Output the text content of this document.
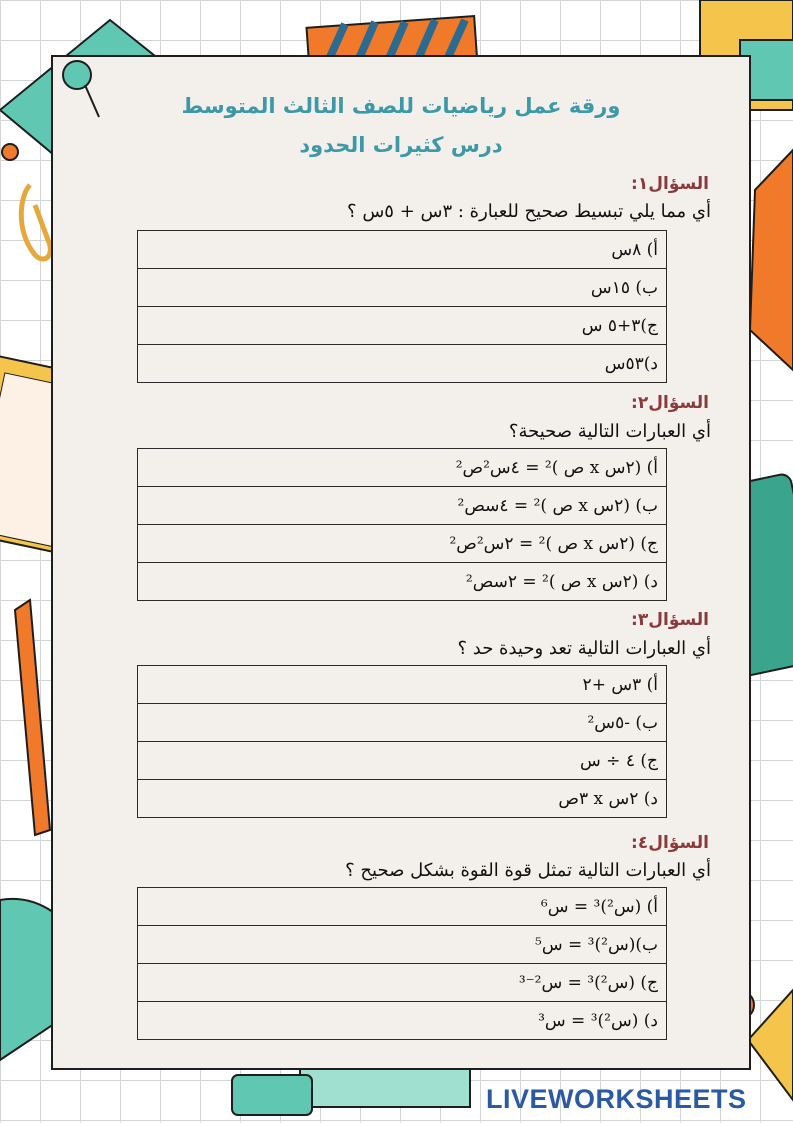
ورقة عمل رياضيات للصف الثالث المتوسط
درس كثيرات الحدود
السؤال١:
أي مما يلي تبسيط صحيح للعبارة : ٣س + ٥س ؟
أ) ٨س
ب) ١٥س
ج)٣+٥ س
د)٥٣س
السؤال٢:
أي العبارات التالية صحيحة؟
أ) (٢س x ص )² = ٤س²ص²
ب) (٢س x ص )² = ٤سص²
ج) (٢س x ص )² = ٢س²ص²
د) (٢س x ص )² = ٢سص²
السؤال٣:
أي العبارات التالية تعد وحيدة حد ؟
أ) ٣س +٢
ب) -٥س²
ج) ٤ ÷ س
د) ٢س x ٣ص
السؤال٤:
أي العبارات التالية تمثل قوة القوة بشكل صحيح ؟
أ) (س²)³ = س⁶
ب)(س²)³ = س⁵
ج) (س²)³ = س²⁻³
د) (س²)³ = س³
LIVEWORKSHEETS
